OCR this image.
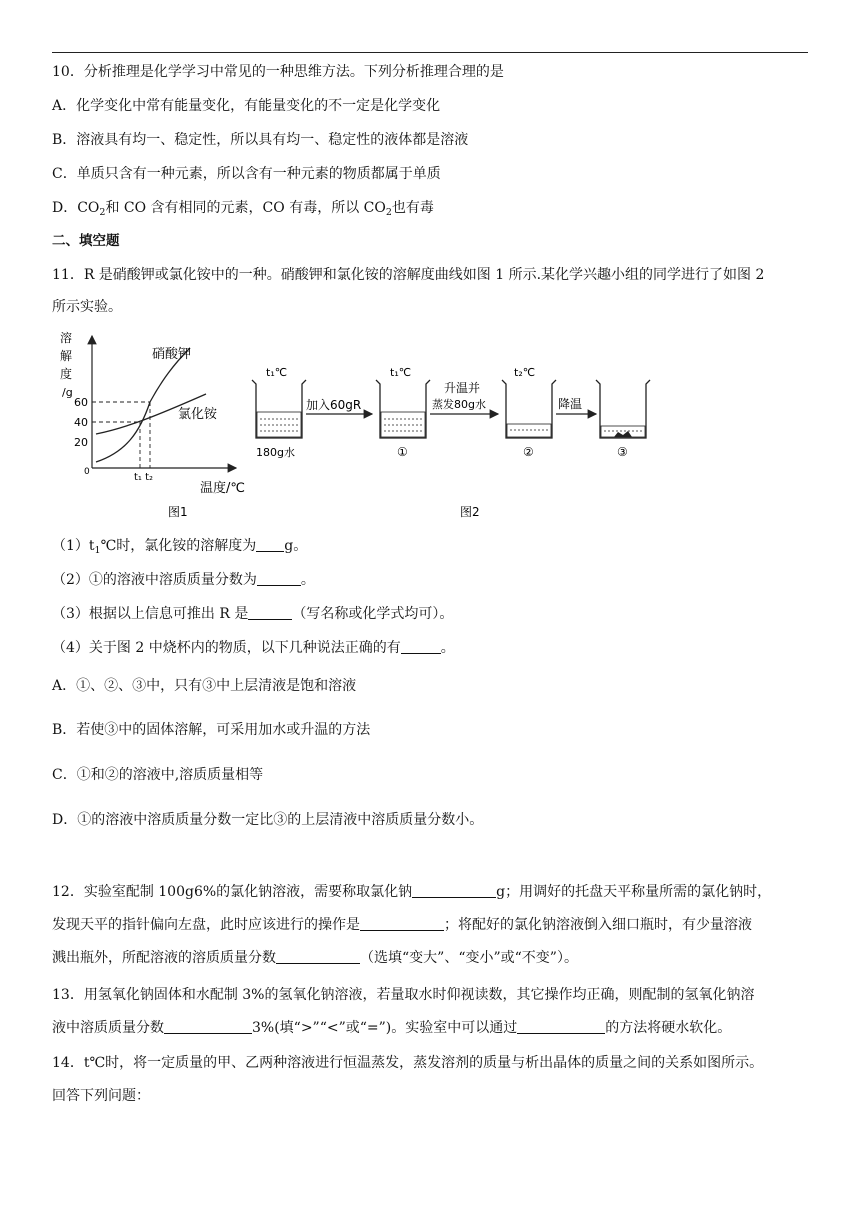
10．分析推理是化学学习中常见的一种思维方法。下列分析推理合理的是
A．化学变化中常有能量变化，有能量变化的不一定是化学变化
B．溶液具有均一、稳定性，所以具有均一、稳定性的液体都是溶液
C．单质只含有一种元素，所以含有一种元素的物质都属于单质
D．$CO_2$和 CO 含有相同的元素，CO 有毒，所以 $CO_2$也有毒
二、填空题
11．R 是硝酸钾或氯化铵中的一种。硝酸钾和氯化铵的溶解度曲线如图 1 所示.某化学兴趣小组的同学进行了如图 2
所示实验。
溶
解
度
/g
60
40
20
0
硝酸钾
氯化铵
t₁ t₂
温度/℃
图1
t₁℃
180g水
加入60gR
t₁℃
①
升温并
蒸发80g水
t₂℃
②
降温
③
图2
$(1)t_1℃$时，氯化铵的溶解度为 g。
（2）①的溶液中溶质质量分数为	。
（3）根据以上信息可推出 R 是	（写名称或化学式均可）。
（4）关于图 2 中烧杯内的物质，以下几种说法正确的有	。
A．①、②、③中，只有③中上层清液是饱和溶液
B．若使③中的固体溶解，可采用加水或升温的方法
C．①和②的溶液中,溶质质量相等
D．①的溶液中溶质质量分数一定比③的上层清液中溶质质量分数小。
12．实验室配制 100g6%的氯化钠溶液，需要称取氯化钠	g；用调好的托盘天平称量所需的氯化钠时，
发现天平的指针偏向左盘，此时应该进行的操作是	；将配好的氯化钠溶液倒入细口瓶时，有少量溶液
溅出瓶外，所配溶液的溶质质量分数	（选填“变大”、“变小”或“不变”）。
13．用氢氧化钠固体和水配制 3%的氢氧化钠溶液，若量取水时仰视读数，其它操作均正确，则配制的氢氧化钠溶
液中溶质质量分数	3%(填“>”“<”或“=”)。实验室中可以通过	的方法将硬水软化。
14．t℃时，将一定质量的甲、乙两种溶液进行恒温蒸发，蒸发溶剂的质量与析出晶体的质量之间的关系如图所示。
回答下列问题：
